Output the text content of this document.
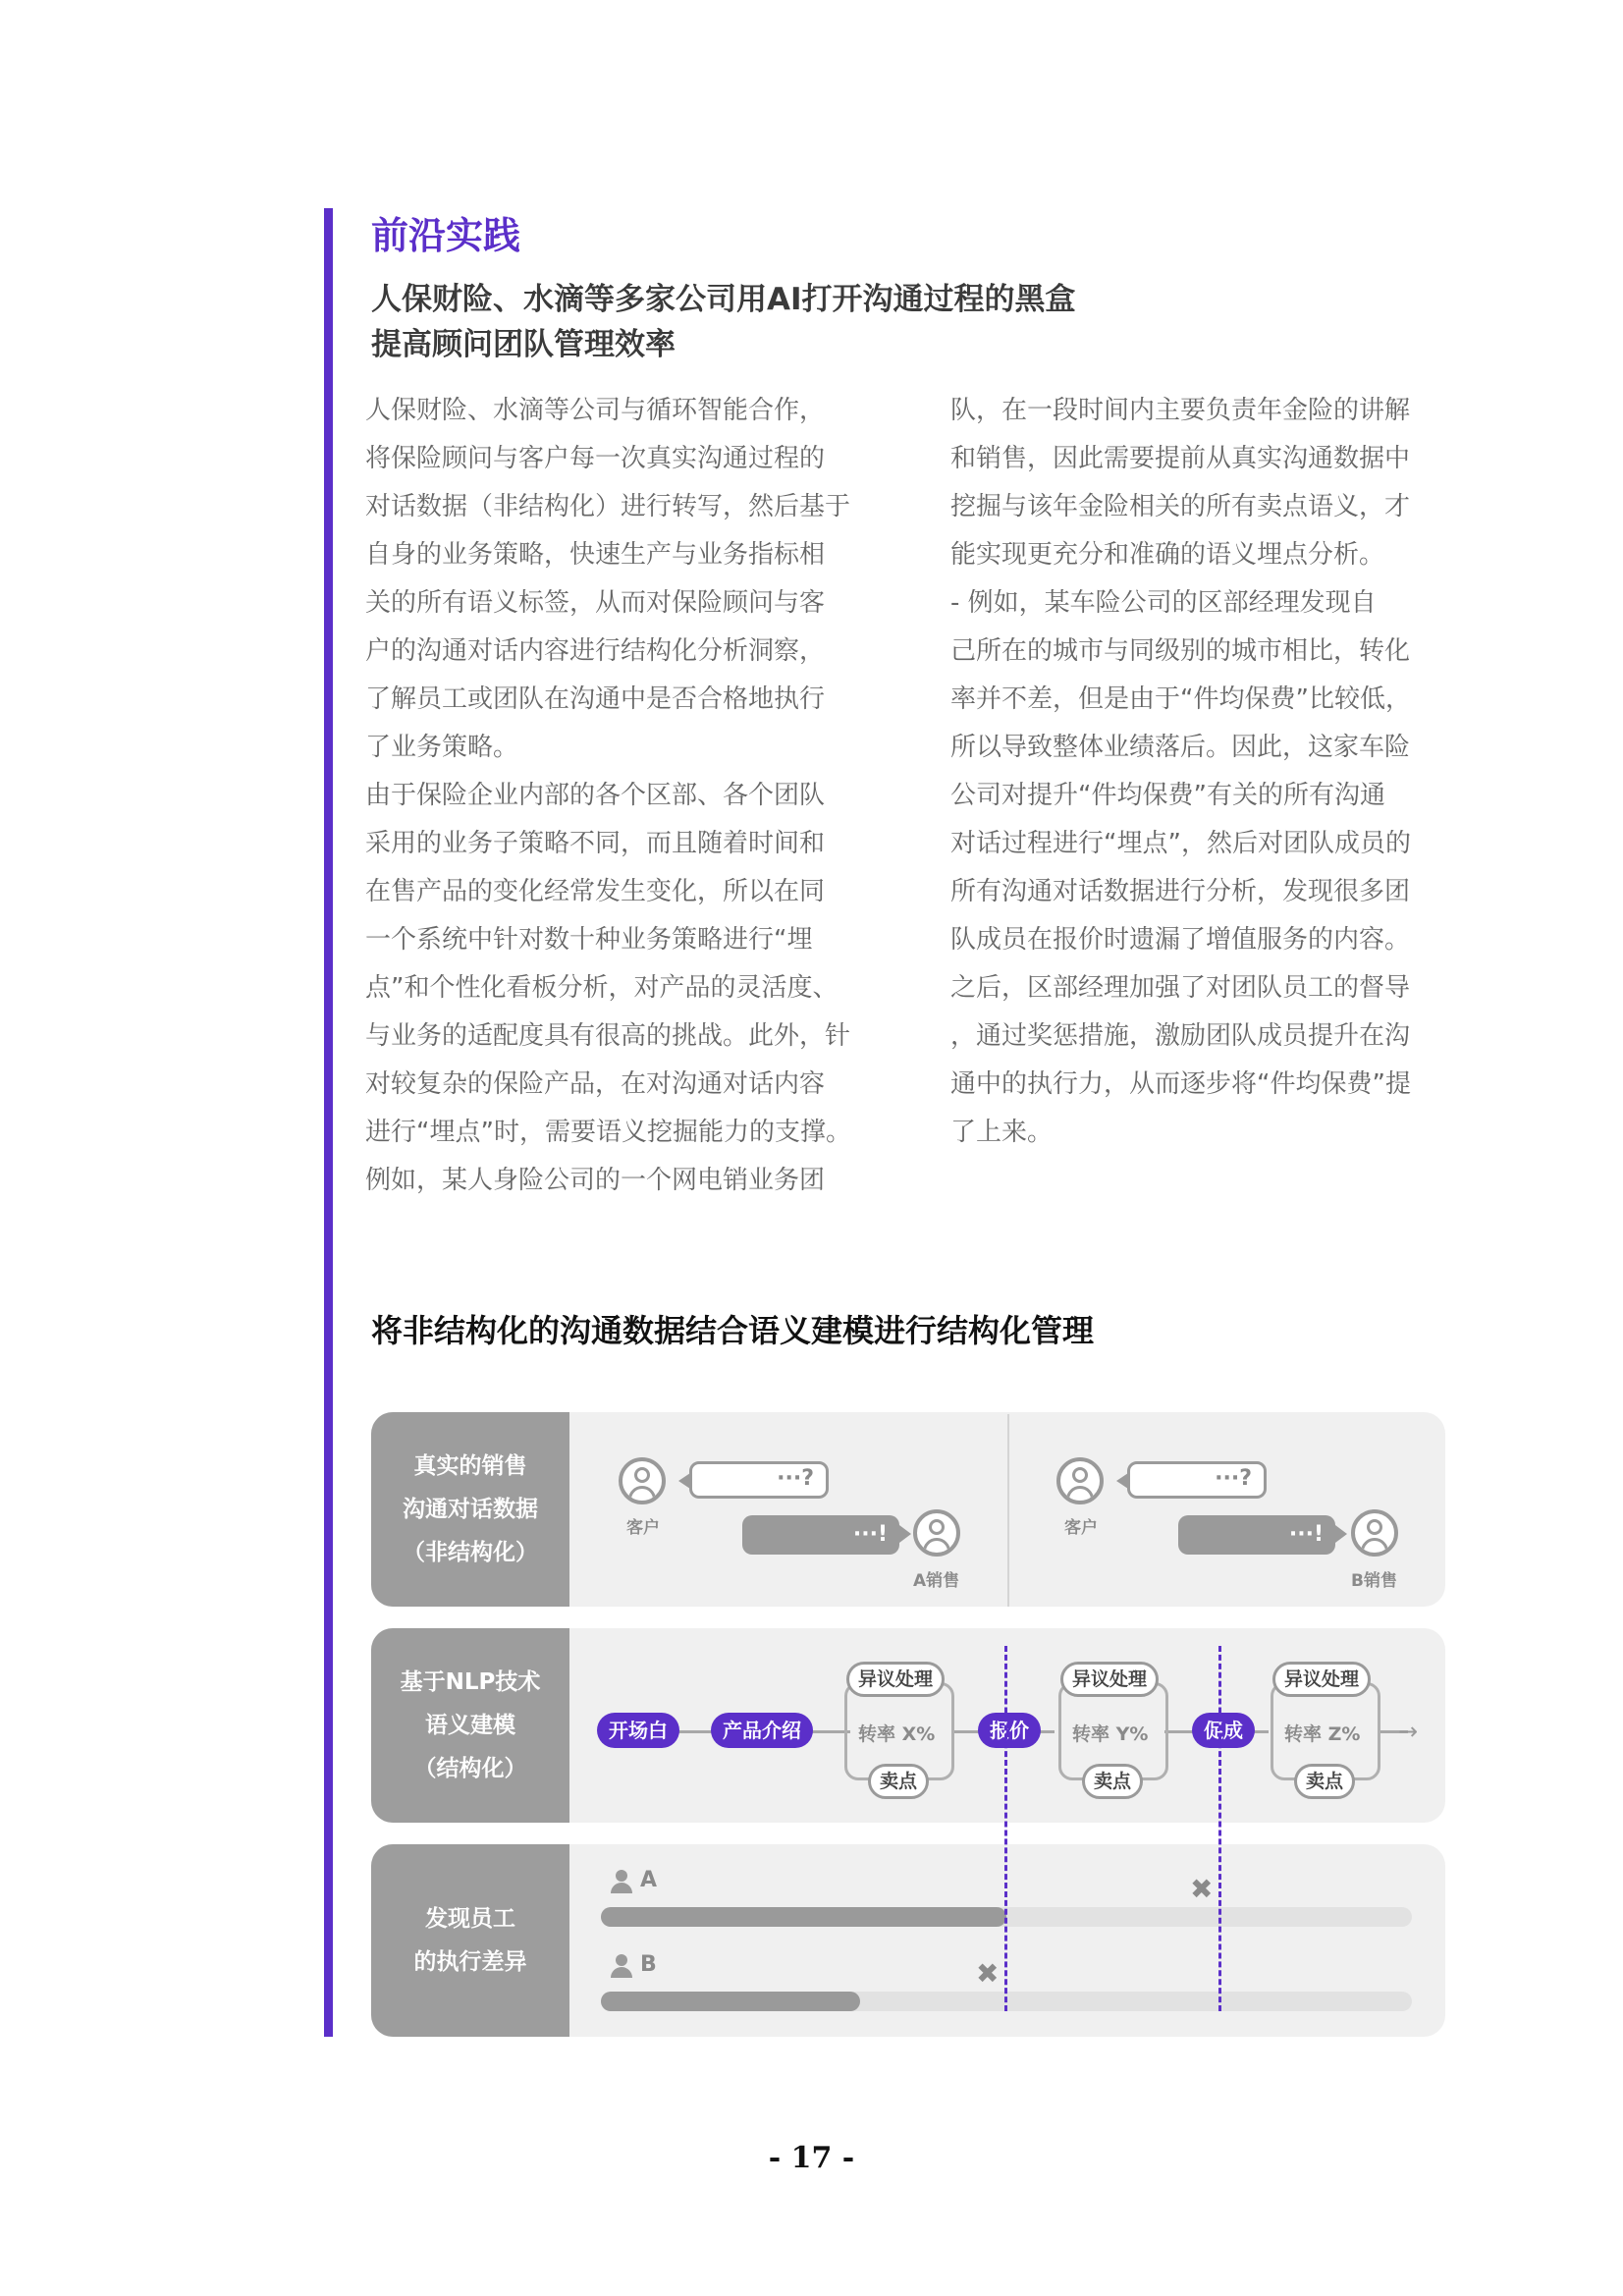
前沿实践
人保财险、水滴等多家公司用AI打开沟通过程的黑盒
提高顾问团队管理效率
人保财险、水滴等公司与循环智能合作，
将保险顾问与客户每一次真实沟通过程的
对话数据（非结构化）进行转写，然后基于
自身的业务策略，快速生产与业务指标相
关的所有语义标签，从而对保险顾问与客
户的沟通对话内容进行结构化分析洞察，
了解员工或团队在沟通中是否合格地执行
了业务策略。
由于保险企业内部的各个区部、各个团队
采用的业务子策略不同，而且随着时间和
在售产品的变化经常发生变化，所以在同
一个系统中针对数十种业务策略进行“埋
点”和个性化看板分析，对产品的灵活度、
与业务的适配度具有很高的挑战。此外，针
对较复杂的保险产品，在对沟通对话内容
进行“埋点”时，需要语义挖掘能力的支撑。
例如，某人身险公司的一个网电销业务团
队，在一段时间内主要负责年金险的讲解
和销售，因此需要提前从真实沟通数据中
挖掘与该年金险相关的所有卖点语义，才
能实现更充分和准确的语义埋点分析。
- 例如，某车险公司的区部经理发现自
己所在的城市与同级别的城市相比，转化
率并不差，但是由于“件均保费”比较低，
所以导致整体业绩落后。因此，这家车险
公司对提升“件均保费”有关的所有沟通
对话过程进行“埋点”，然后对团队成员的
所有沟通对话数据进行分析，发现很多团
队成员在报价时遗漏了增值服务的内容。
之后，区部经理加强了对团队员工的督导
，通过奖惩措施，激励团队成员提升在沟
通中的执行力，从而逐步将“件均保费”提
了上来。
将非结构化的沟通数据结合语义建模进行结构化管理
真实的销售
沟通对话数据
（非结构化）
客户
···?
···!
A销售
客户
···?
···!
B销售
基于NLP技术
语义建模
（结构化）
→
开场白	产品介绍	报价	促成
异议处理
转率 X%
卖点
异议处理
转率 Y%
卖点
异议处理
转率 Z%
卖点
发现员工
的执行差异
A	✖
B	✖
- 17 -
